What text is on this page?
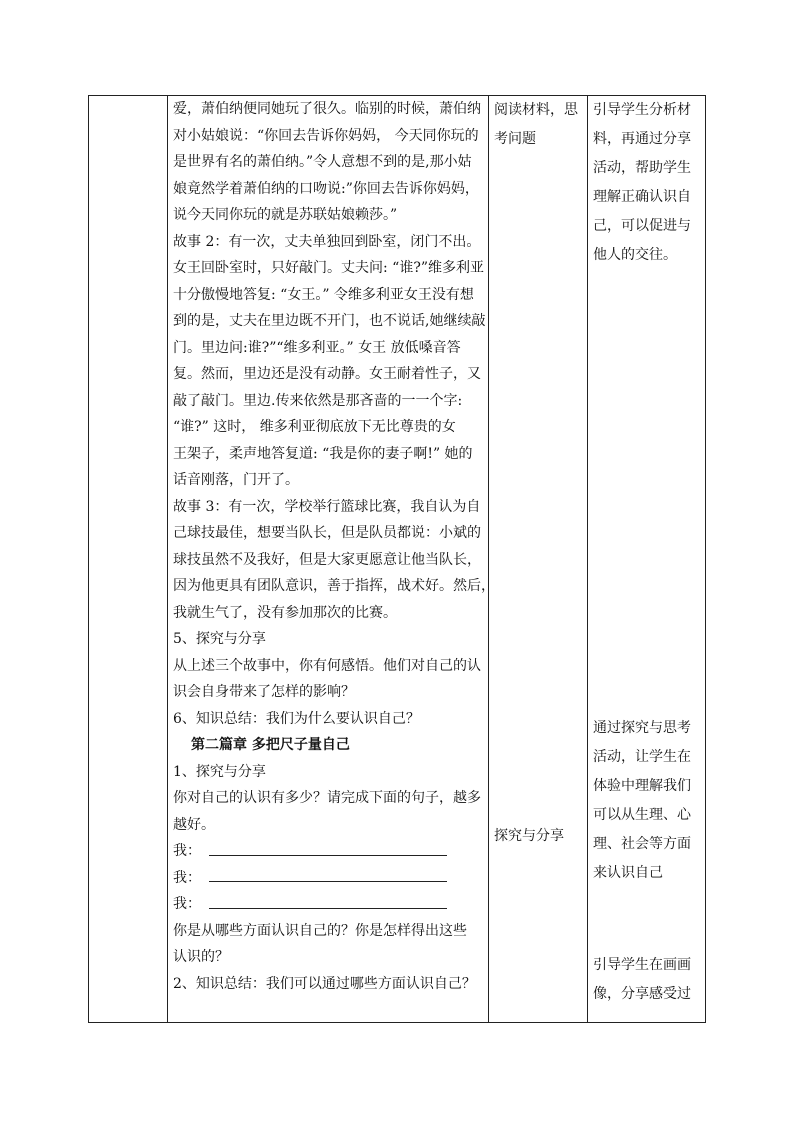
爱，萧伯纳便同她玩了很久。临别的时候，萧伯纳

对小姑娘说：“你回去告诉你妈妈， 今天同你玩的

是世界有名的萧伯纳。”令人意想不到的是,那小姑

娘竟然学着萧伯纳的口吻说:”你回去告诉你妈妈，

说今天同你玩的就是苏联姑娘赖莎。”

故事 2：有一次，丈夫单独回到卧室，闭门不出。

女王回卧室时，只好敲门。丈夫问: “谁?”维多利亚

十分傲慢地答复: “女王。” 令维多利亚女王没有想

到的是，丈夫在里边既不开门，也不说话,她继续敲

门。里边问:谁?”“维多利亚。” 女王 放低嗓音答

复。然而，里边还是没有动静。女王耐着性子，又

敲了敲门。里边.传来依然是那吝啬的一一个字:

“谁?” 这时， 维多利亚彻底放下无比尊贵的女

王架子，柔声地答复道: “我是你的妻子啊!” 她的

话音刚落，门开了。

故事 3：有一次，学校举行篮球比赛，我自认为自

己球技最佳，想要当队长，但是队员都说：小斌的

球技虽然不及我好，但是大家更愿意让他当队长，

因为他更具有团队意识，善于指挥，战术好。然后，

我就生气了，没有参加那次的比赛。

5、探究与分享

从上述三个故事中，你有何感悟。他们对自己的认

识会自身带来了怎样的影响？

6、知识总结：我们为什么要认识自己？

第二篇章 多把尺子量自己

1、探究与分享

你对自己的认识有多少？请完成下面的句子，越多

越好。

我：

我：

我：

你是从哪些方面认识自己的？你是怎样得出这些

认识的？

2、知识总结：我们可以通过哪些方面认识自己？

阅读材料，思

考问题

探究与分享

引导学生分析材

料，再通过分享

活动，帮助学生

理解正确认识自

己，可以促进与

他人的交往。

通过探究与思考

活动，让学生在

体验中理解我们

可以从生理、心

理、社会等方面

来认识自己

引导学生在画画

像，分享感受过
